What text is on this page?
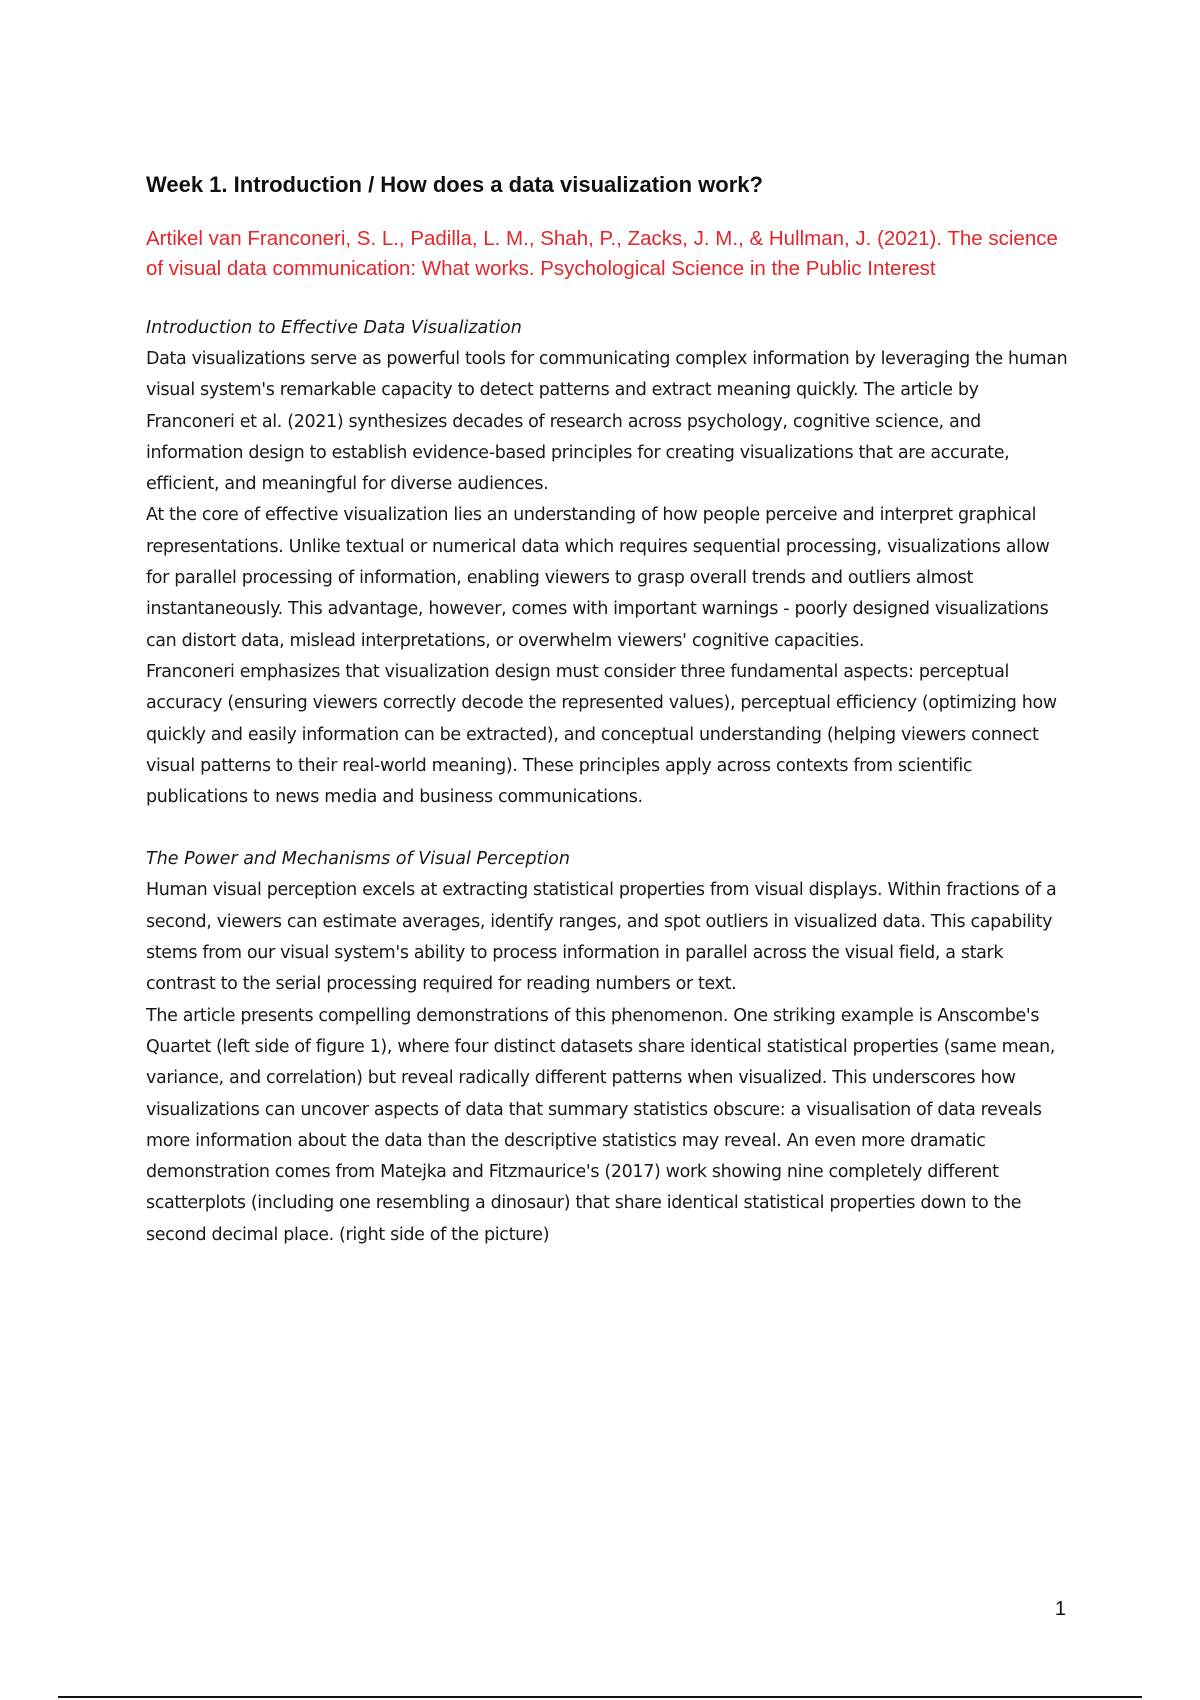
Week 1. Introduction / How does a data visualization work?

Artikel van Franconeri, S. L., Padilla, L. M., Shah, P., Zacks, J. M., & Hullman, J. (2021). The science of visual data communication: What works. Psychological Science in the Public Interest

Introduction to Effective Data Visualization

Data visualizations serve as powerful tools for communicating complex information by leveraging the human visual system's remarkable capacity to detect patterns and extract meaning quickly. The article by Franconeri et al. (2021) synthesizes decades of research across psychology, cognitive science, and information design to establish evidence-based principles for creating visualizations that are accurate, efficient, and meaningful for diverse audiences.

At the core of effective visualization lies an understanding of how people perceive and interpret graphical representations. Unlike textual or numerical data which requires sequential processing, visualizations allow for parallel processing of information, enabling viewers to grasp overall trends and outliers almost instantaneously. This advantage, however, comes with important warnings - poorly designed visualizations can distort data, mislead interpretations, or overwhelm viewers' cognitive capacities.

Franconeri emphasizes that visualization design must consider three fundamental aspects: perceptual accuracy (ensuring viewers correctly decode the represented values), perceptual efficiency (optimizing how quickly and easily information can be extracted), and conceptual understanding (helping viewers connect visual patterns to their real-world meaning). These principles apply across contexts from scientific publications to news media and business communications.

The Power and Mechanisms of Visual Perception

Human visual perception excels at extracting statistical properties from visual displays. Within fractions of a second, viewers can estimate averages, identify ranges, and spot outliers in visualized data. This capability stems from our visual system's ability to process information in parallel across the visual field, a stark contrast to the serial processing required for reading numbers or text.

The article presents compelling demonstrations of this phenomenon. One striking example is Anscombe's Quartet (left side of figure 1), where four distinct datasets share identical statistical properties (same mean, variance, and correlation) but reveal radically different patterns when visualized. This underscores how visualizations can uncover aspects of data that summary statistics obscure: a visualisation of data reveals more information about the data than the descriptive statistics may reveal. An even more dramatic demonstration comes from Matejka and Fitzmaurice's (2017) work showing nine completely different scatterplots (including one resembling a dinosaur) that share identical statistical properties down to the second decimal place. (right side of the picture)

1
